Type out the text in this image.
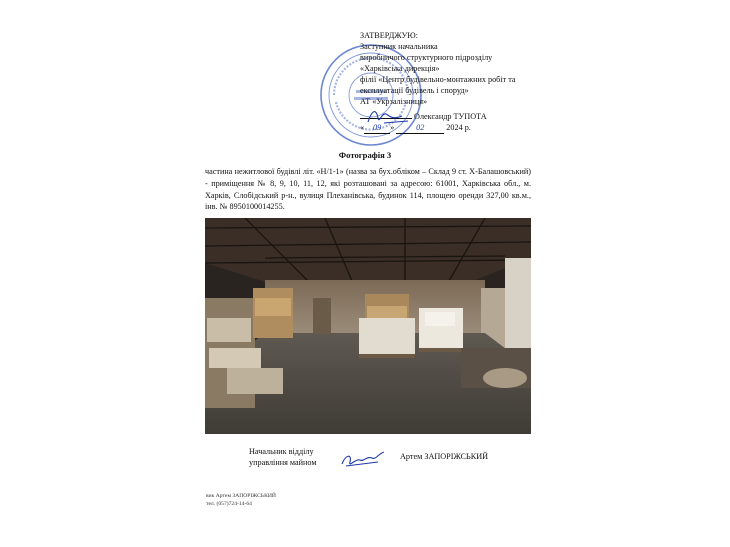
ЗАТВЕРДЖУЮ:
Заступник начальника
виробничого структурного підрозділу
«Харківська дирекція»
філії «Центр будівельно-монтажних робіт та
експлуатації будівель і споруд»
АТ «Укрзалізниця»
Олександр ТУПОТА
« 09 »	02	2024 р.
Фотографія 3
частина нежитлової будівлі літ. «Н/1-1» (назва за бух.обліком – Склад 9 ст. Х-Балашовський) - приміщення № 8, 9, 10, 11, 12, які розташовані за адресою: 61001, Харківська обл., м. Харків, Слобідський р-н., вулиця Плеханівська, будинок 114, площею оренди 327,00 кв.м., інв. № 8950100014255.
Начальник відділу
управління майном
Артем ЗАПОРІЖСЬКИЙ
вик Артем ЗАПОРІЖСЬКИЙ
тел. (057)724-14-64
